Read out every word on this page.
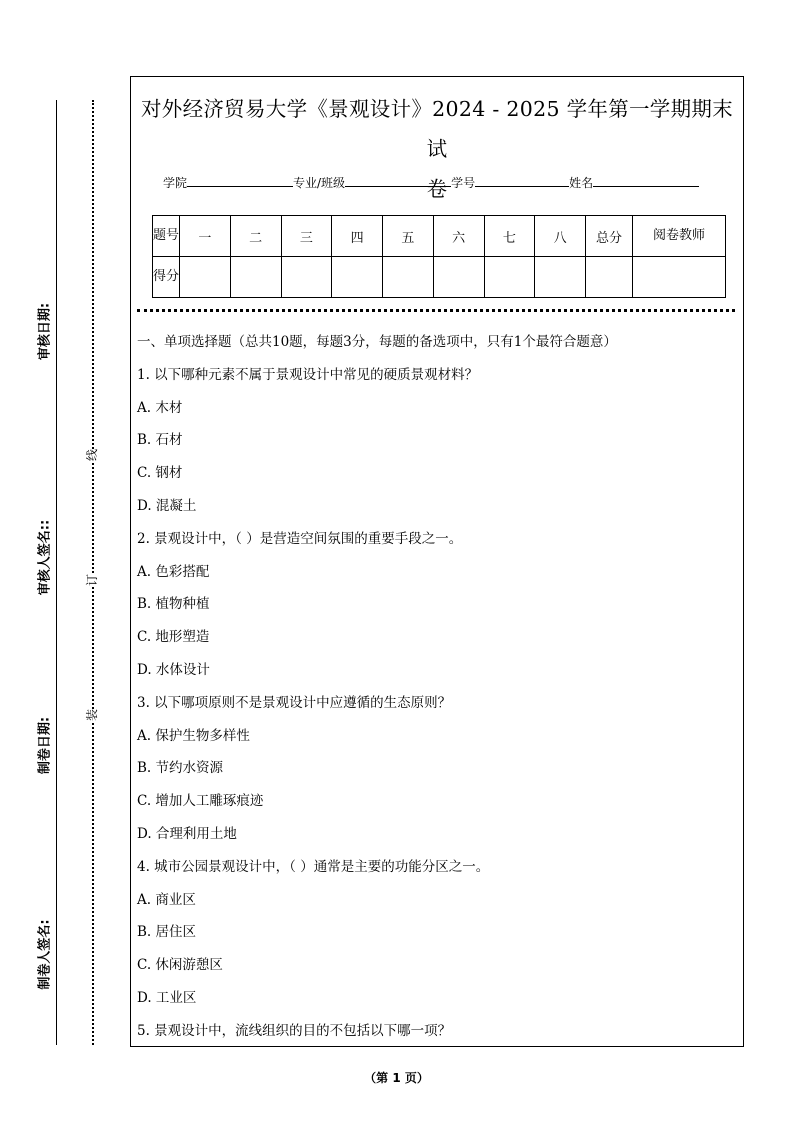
审核日期:
审核人签名::
制卷日期:
制卷人签名:
线
订
装
对外经济贸易大学《景观设计》2024 - 2025 学年第一学期期末试
卷
学院	专业/班级	学号	姓名
题号	一	二	三	四	五	六	七	八	总分	阅卷教师
得分										
一、单项选择题（总共10题，每题3分，每题的备选项中，只有1个最符合题意）
1. 以下哪种元素不属于景观设计中常见的硬质景观材料？
A. 木材
B. 石材
C. 钢材
D. 混凝土
2. 景观设计中，（ ）是营造空间氛围的重要手段之一。
A. 色彩搭配
B. 植物种植
C. 地形塑造
D. 水体设计
3. 以下哪项原则不是景观设计中应遵循的生态原则？
A. 保护生物多样性
B. 节约水资源
C. 增加人工雕琢痕迹
D. 合理利用土地
4. 城市公园景观设计中，（ ）通常是主要的功能分区之一。
A. 商业区
B. 居住区
C. 休闲游憩区
D. 工业区
5. 景观设计中，流线组织的目的不包括以下哪一项？
（第 1 页）
